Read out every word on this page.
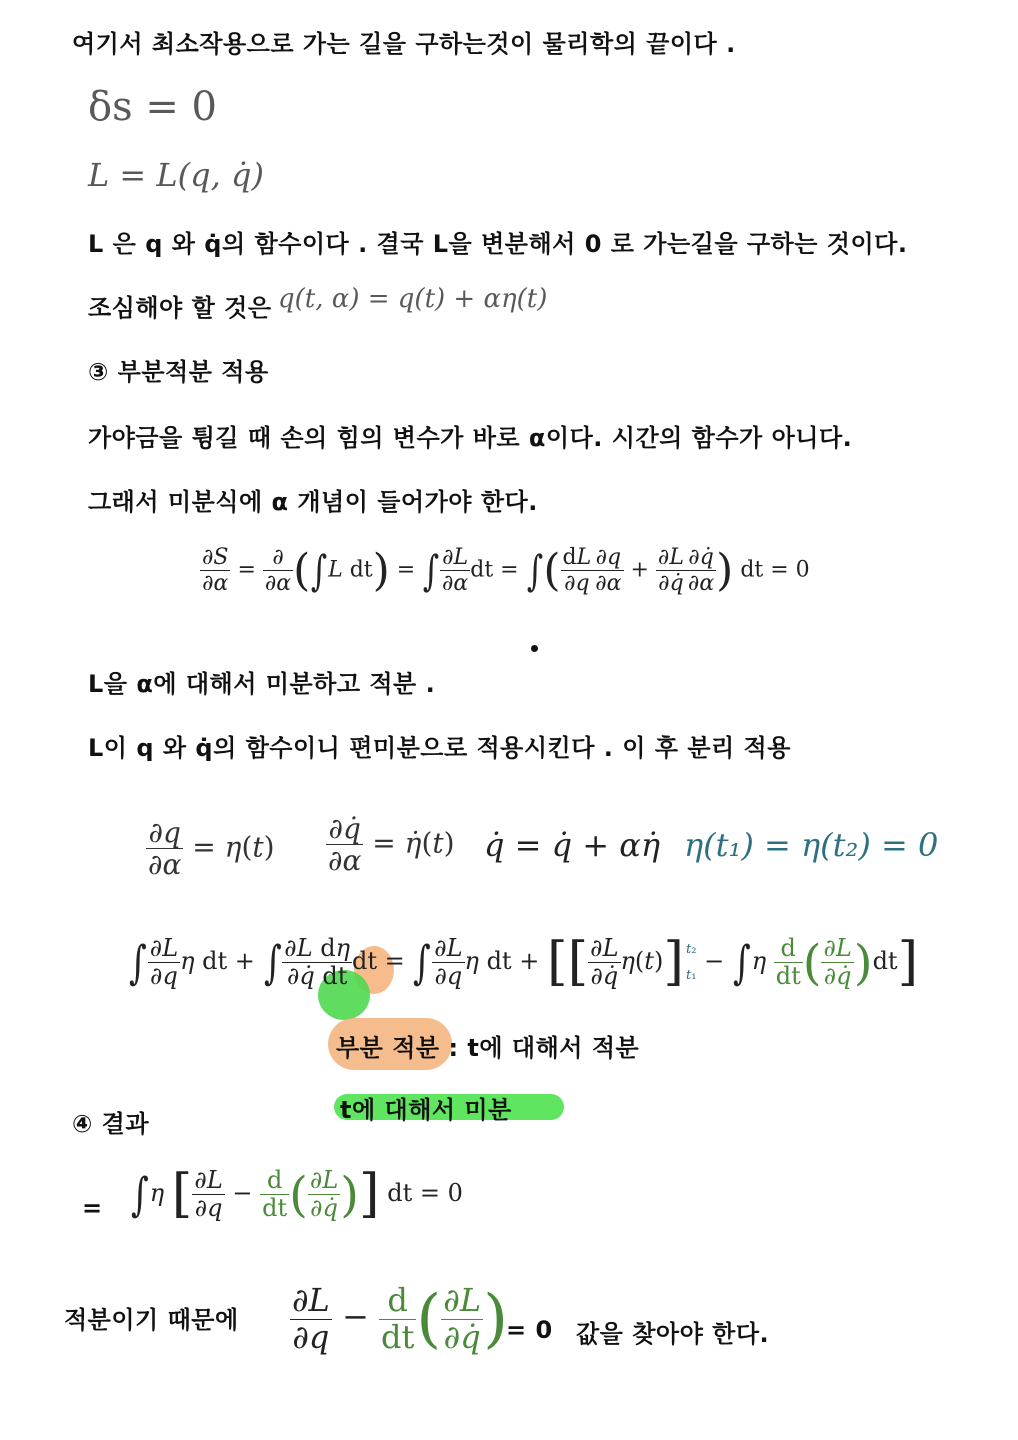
여기서 최소작용으로 가는 길을 구하는것이 물리학의 끝이다 .
δs = 0
L = L(q, q̇)
L 은 q 와 q̇의 함수이다 . 결국 L을 변분해서 0 로 가는길을 구하는 것이다.
조심해야 할 것은 q(t, α) = q(t) + αη(t)
③ 부분적분 적용
가야금을 튕길 때 손의 힘의 변수가 바로 α이다. 시간의 함수가 아니다.
그래서 미분식에 α 개념이 들어가야 한다.
$\frac{\partial S}{\partial\alpha} = \frac{\partial}{\partial\alpha} (\int L$ dt) = ∫ $\frac{\partial L}{\partial\alpha}$ dt = ∫( $\frac{dL}{\partial q} \frac{\partial q}{\partial\alpha} + \frac{\partial L}{\partial q̇} \frac{\partial q̇}{\partial\alpha}$ ) dt = 0
L을 α에 대해서 미분하고 적분 .
L이 q 와 q̇의 함수이니 편미분으로 적용시킨다 . 이 후 분리 적용
$\frac{\partial q}{\partial\alpha} = \eta(t) \frac{\partial q̇}{\partial\alpha}$ = η̇(t) q̇ = q̇ + αη̇ η(t₁) = η(t₂) = 0
∫ $\frac{\partial L}{\partial q}$ η dt + ∫ $\frac{\text{∂L dη}}{\partial q̇ dt}$ dt = ∫ $\frac{\partial L}{\partial q}$ η dt + [[ $\frac{\partial L}{\partial q̇} \eta(t)$] t₂

t₁
− $\int\eta \frac{d}{dt}$ ( $\frac{\partial L}{\partial q̇} )dt$]
부분 적분 : t에 대해서 적분
t에 대해서 미분
④ 결과
= ∫η [ $\frac{\partial L}{\partial q} - \frac{d}{dt}$ ( $\frac{\partial L}{\partial q̇}$ )] dt = 0
적분이기 때문에 $\frac{\partial L}{\partial q} - \frac{d}{dt}$ ( $\frac{\partial L}{\partial q̇}$ )
= 0 값을 찾아야 한다.
